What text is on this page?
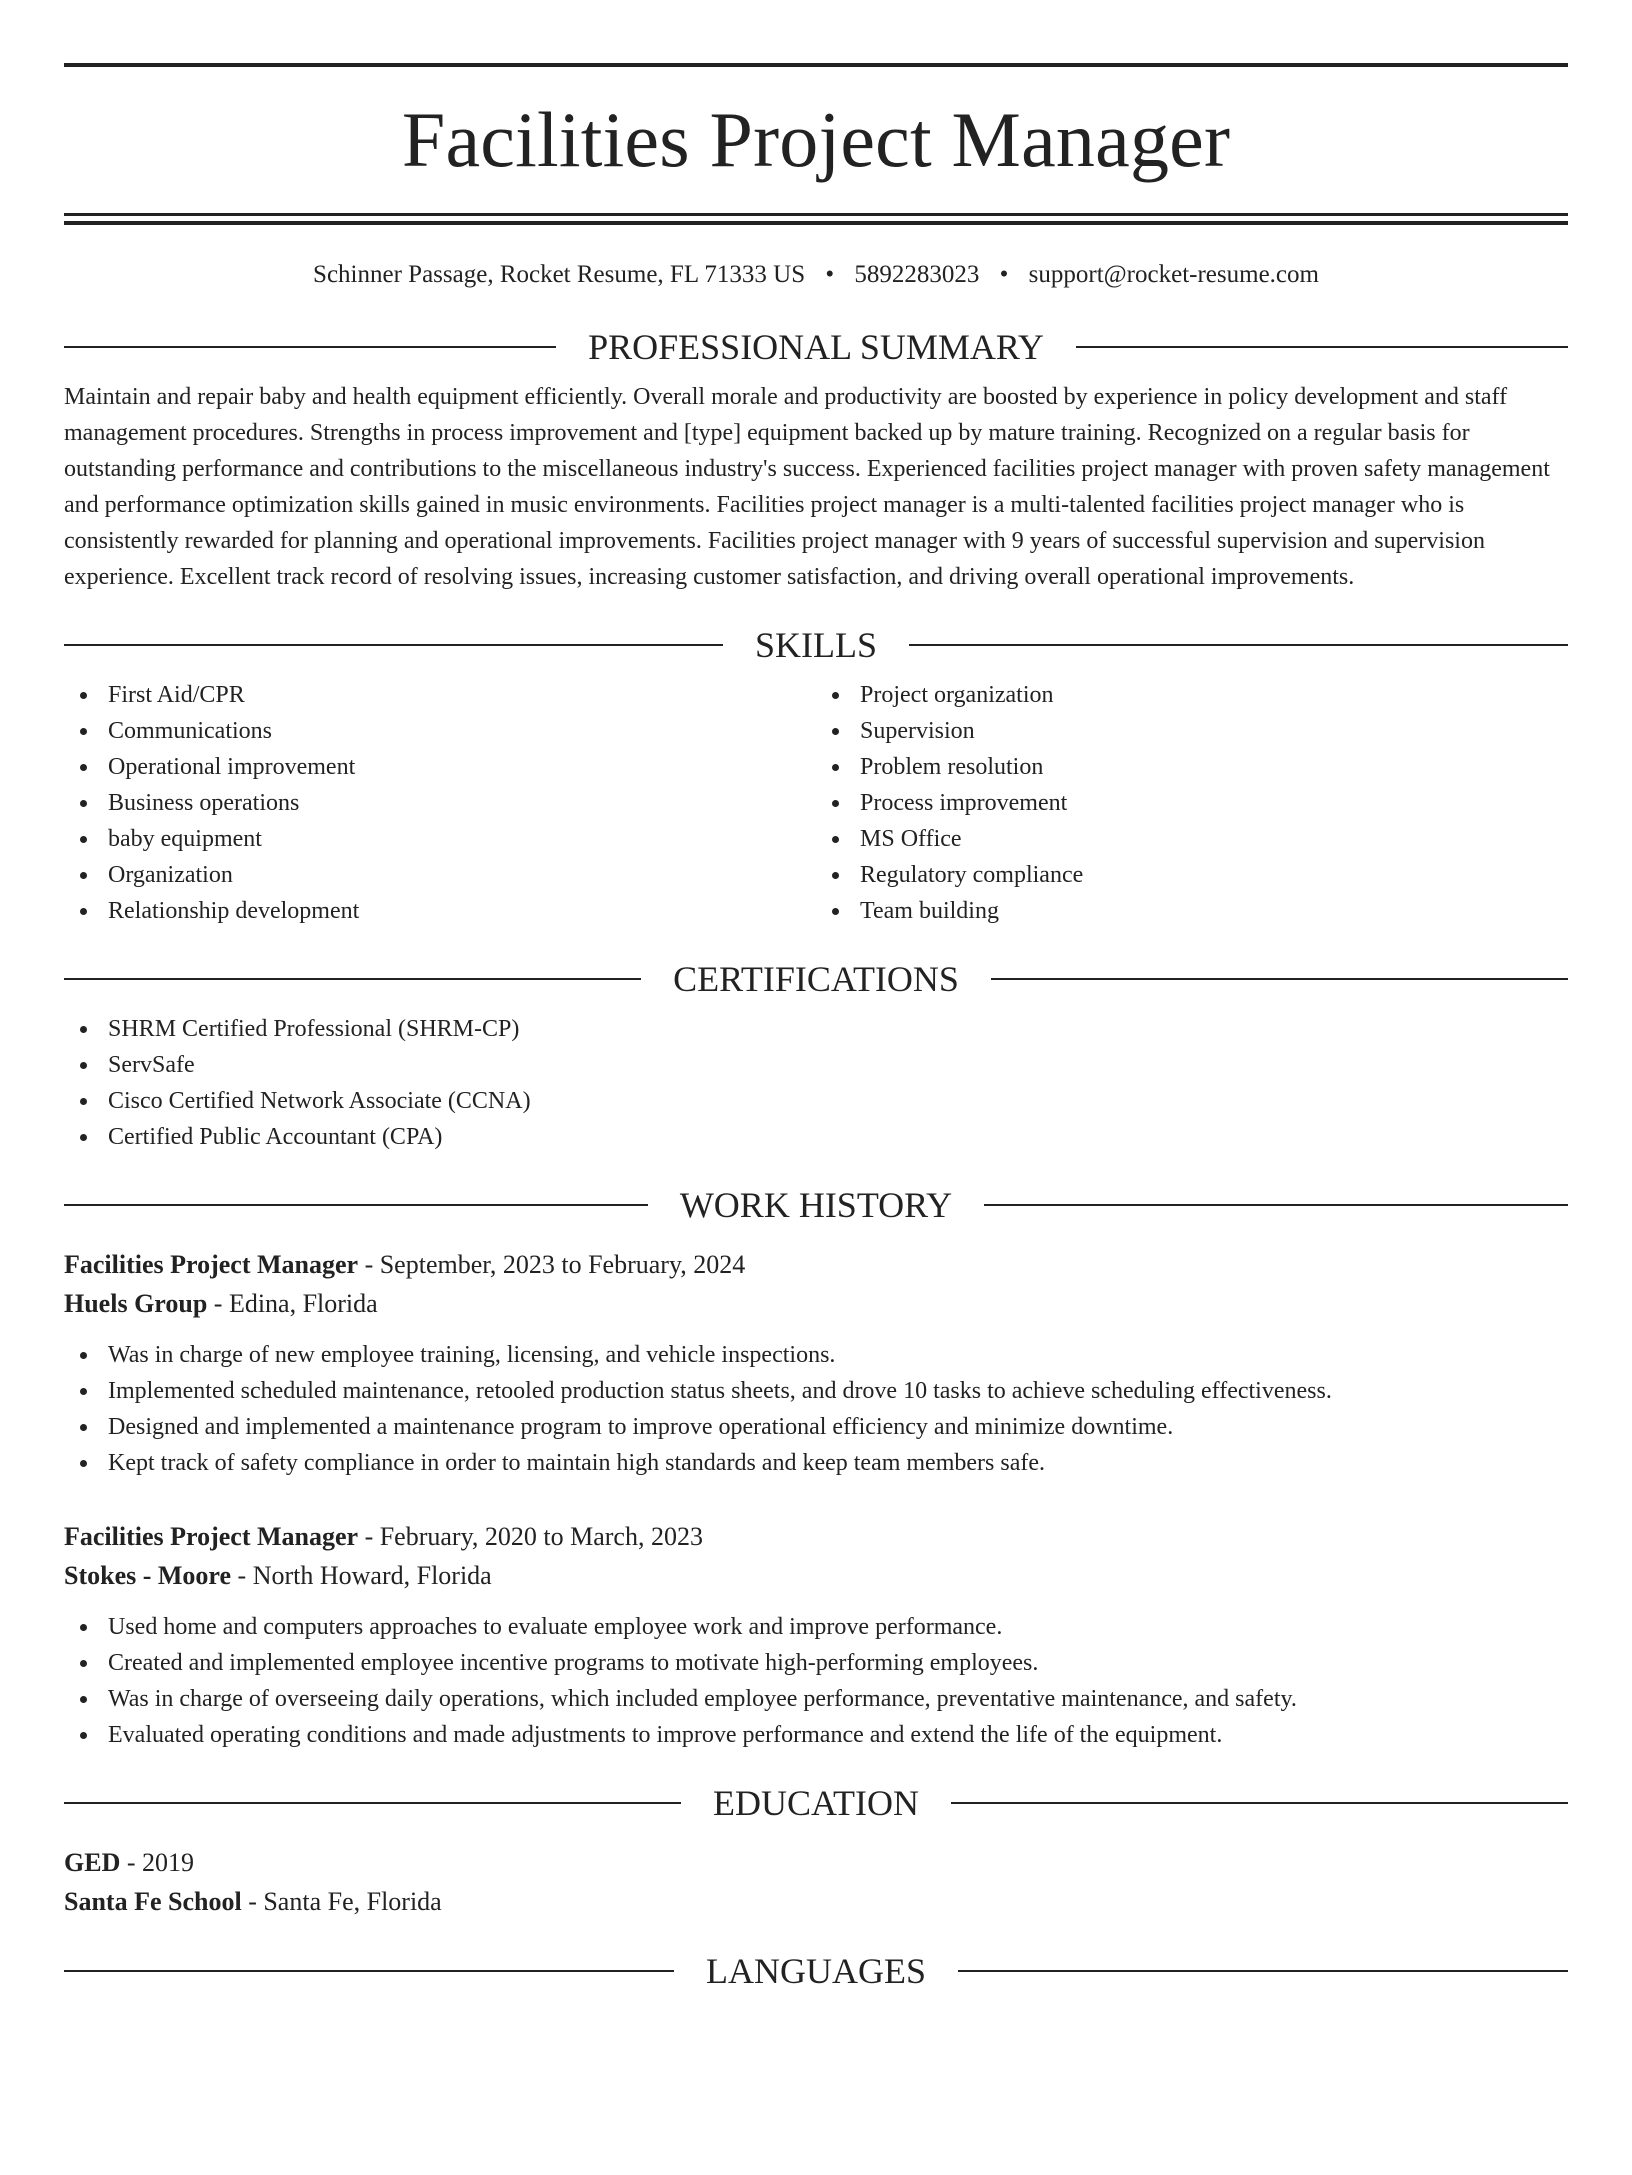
Facilities Project Manager
Schinner Passage, Rocket Resume, FL 71333 US • 5892283023 • support@rocket-resume.com
PROFESSIONAL SUMMARY

Maintain and repair baby and health equipment efficiently. Overall morale and productivity are boosted by experience in policy development and staff management procedures. Strengths in process improvement and [type] equipment backed up by mature training. Recognized on a regular basis for outstanding performance and contributions to the miscellaneous industry's success. Experienced facilities project manager with proven safety management and performance optimization skills gained in music environments. Facilities project manager is a multi-talented facilities project manager who is consistently rewarded for planning and operational improvements. Facilities project manager with 9 years of successful supervision and supervision experience. Excellent track record of resolving issues, increasing customer satisfaction, and driving overall operational improvements.

SKILLS
First Aid/CPR
Communications
Operational improvement
Business operations
baby equipment
Organization
Relationship development
Project organization
Supervision
Problem resolution
Process improvement
MS Office
Regulatory compliance
Team building
CERTIFICATIONS
SHRM Certified Professional (SHRM-CP)
ServSafe
Cisco Certified Network Associate (CCNA)
Certified Public Accountant (CPA)
WORK HISTORY
Facilities Project Manager - September, 2023 to February, 2024
Huels Group - Edina, Florida
Was in charge of new employee training, licensing, and vehicle inspections.
Implemented scheduled maintenance, retooled production status sheets, and drove 10 tasks to achieve scheduling effectiveness.
Designed and implemented a maintenance program to improve operational efficiency and minimize downtime.
Kept track of safety compliance in order to maintain high standards and keep team members safe.
Facilities Project Manager - February, 2020 to March, 2023
Stokes - Moore - North Howard, Florida
Used home and computers approaches to evaluate employee work and improve performance.
Created and implemented employee incentive programs to motivate high-performing employees.
Was in charge of overseeing daily operations, which included employee performance, preventative maintenance, and safety.
Evaluated operating conditions and made adjustments to improve performance and extend the life of the equipment.
EDUCATION
GED - 2019
Santa Fe School - Santa Fe, Florida
LANGUAGES
